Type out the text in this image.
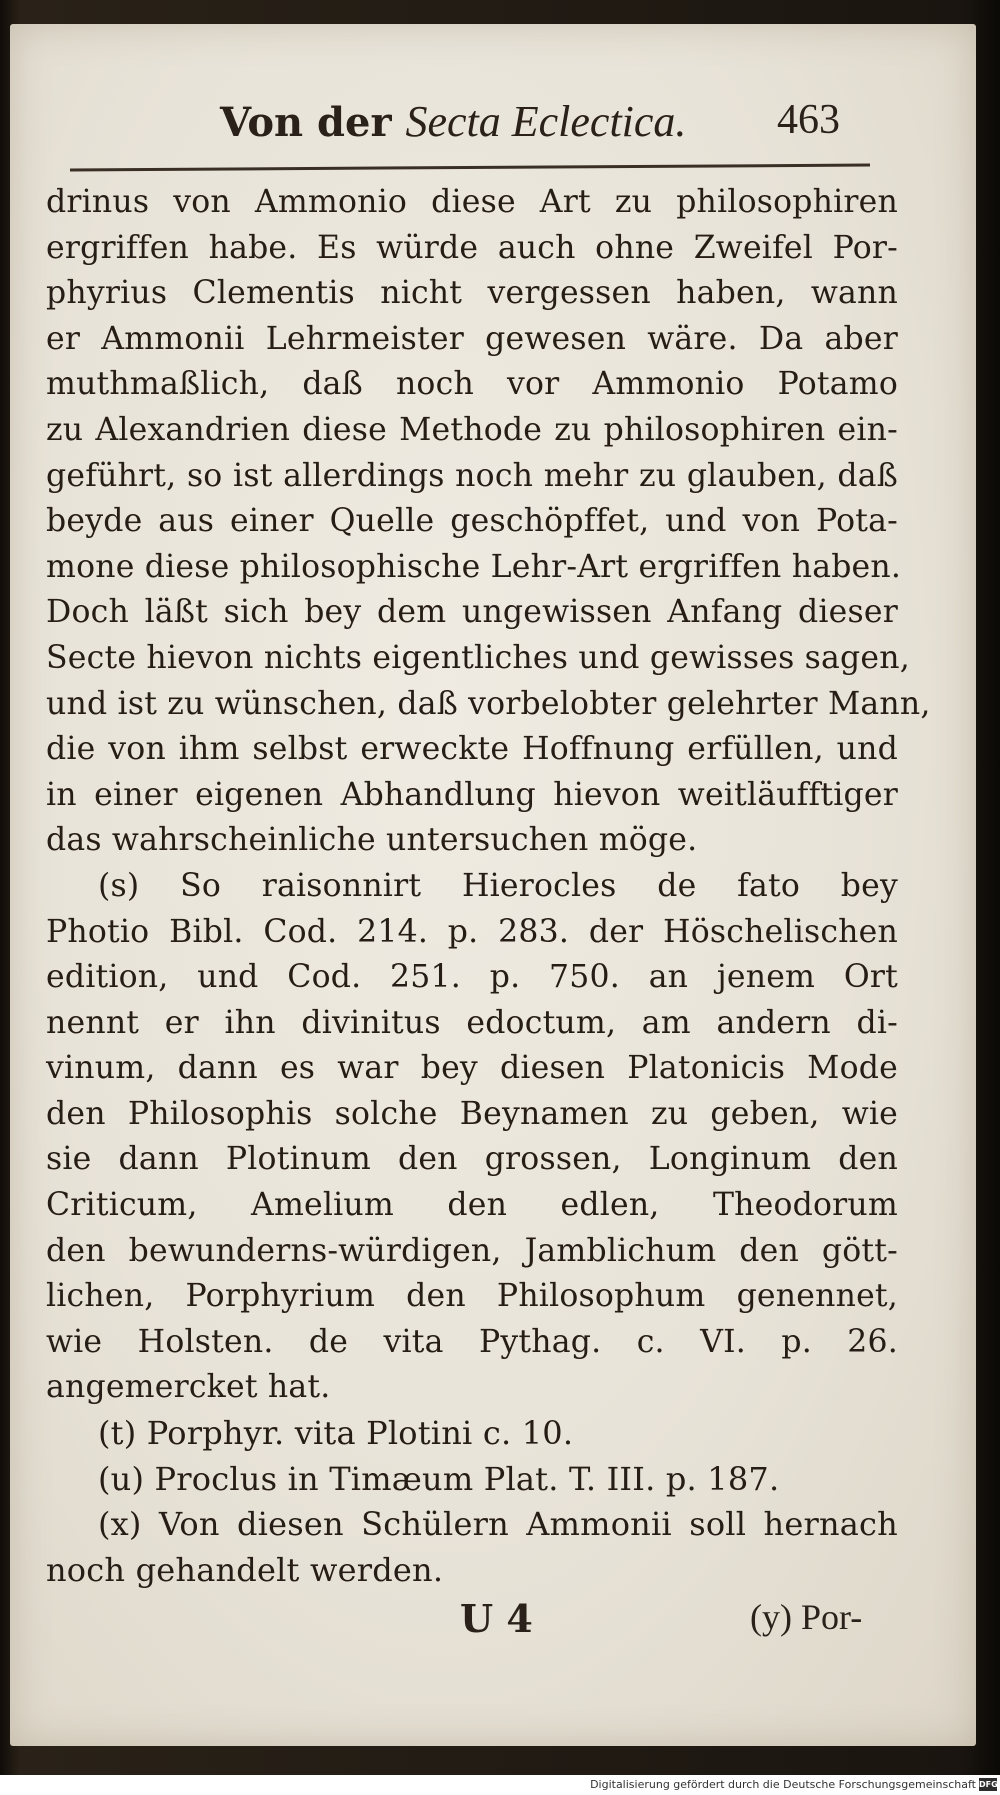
Von der Secta Eclectica. 463
drinus von Ammonio diese Art zu philosophiren
ergriffen habe. Es würde auch ohne Zweifel Por-
phyrius Clementis nicht vergessen haben, wann
er Ammonii Lehrmeister gewesen wäre. Da aber
muthmaßlich, daß noch vor Ammonio Potamo
zu Alexandrien diese Methode zu philosophiren ein-
geführt, so ist allerdings noch mehr zu glauben, daß
beyde aus einer Quelle geschöpffet, und von Pota-
mone diese philosophische Lehr-Art ergriffen haben.
Doch läßt sich bey dem ungewissen Anfang dieser
Secte hievon nichts eigentliches und gewisses sagen,
und ist zu wünschen, daß vorbelobter gelehrter Mann,
die von ihm selbst erweckte Hoffnung erfüllen, und
in einer eigenen Abhandlung hievon weitläufftiger
das wahrscheinliche untersuchen möge.
(s) So raisonnirt Hierocles de fato bey
Photio Bibl. Cod. 214. p. 283. der Höschelischen
edition, und Cod. 251. p. 750. an jenem Ort
nennt er ihn divinitus edoctum, am andern di-
vinum, dann es war bey diesen Platonicis Mode
den Philosophis solche Beynamen zu geben, wie
sie dann Plotinum den grossen, Longinum den
Criticum, Amelium den edlen, Theodorum
den bewunderns-würdigen, Jamblichum den gött-
lichen, Porphyrium den Philosophum genennet,
wie Holsten. de vita Pythag. c. VI. p. 26.
angemercket hat.
(t) Porphyr. vita Plotini c. 10.
(u) Proclus in Timæum Plat. T. III. p. 187.
(x) Von diesen Schülern Ammonii soll hernach
noch gehandelt werden.
U 4	(y) Por-
Digitalisierung gefördert durch die Deutsche Forschungsgemeinschaft DFG
